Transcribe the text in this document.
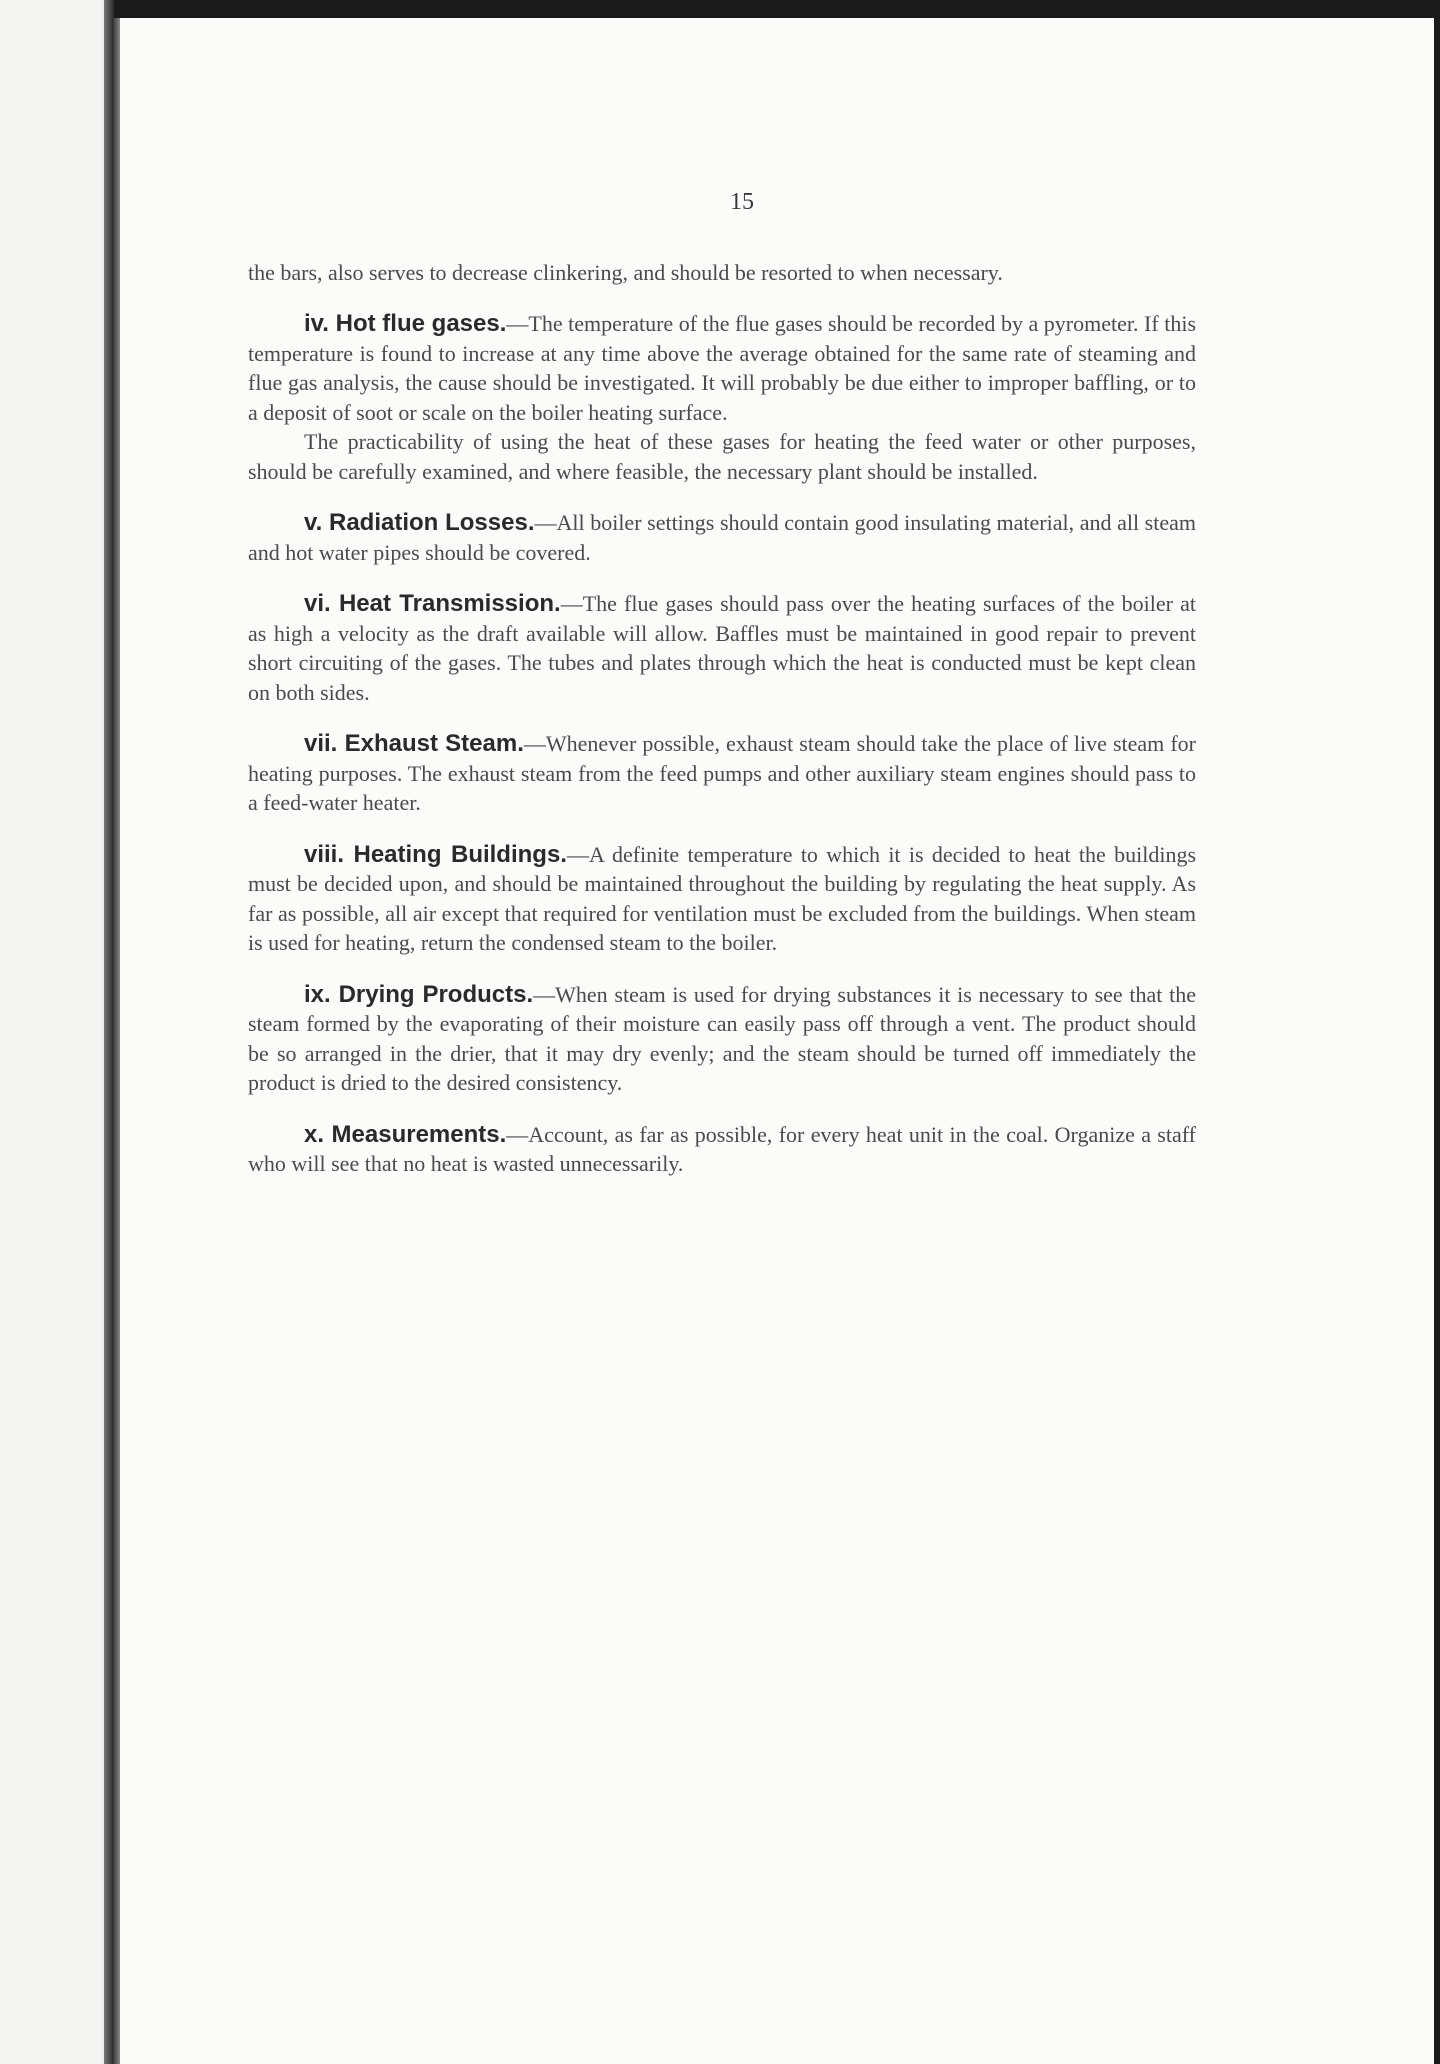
15

the bars, also serves to decrease clinkering, and should be resorted to when necessary.

iv. Hot flue gases.—The temperature of the flue gases should be recorded by a pyrometer. If this temperature is found to increase at any time above the average obtained for the same rate of steaming and flue gas analysis, the cause should be investigated. It will probably be due either to improper baffling, or to a deposit of soot or scale on the boiler heating surface.

The practicability of using the heat of these gases for heating the feed water or other purposes, should be carefully examined, and where feasible, the necessary plant should be installed.

v. Radiation Losses.—All boiler settings should contain good insulating material, and all steam and hot water pipes should be covered.

vi. Heat Transmission.—The flue gases should pass over the heating surfaces of the boiler at as high a velocity as the draft available will allow. Baffles must be maintained in good repair to prevent short circuiting of the gases. The tubes and plates through which the heat is conducted must be kept clean on both sides.

vii. Exhaust Steam.—Whenever possible, exhaust steam should take the place of live steam for heating purposes. The exhaust steam from the feed pumps and other auxiliary steam engines should pass to a feed-water heater.

viii. Heating Buildings.—A definite temperature to which it is decided to heat the buildings must be decided upon, and should be maintained throughout the building by regulating the heat supply. As far as possible, all air except that required for ventilation must be excluded from the buildings. When steam is used for heating, return the condensed steam to the boiler.

ix. Drying Products.—When steam is used for drying substances it is necessary to see that the steam formed by the evaporating of their moisture can easily pass off through a vent. The product should be so arranged in the drier, that it may dry evenly; and the steam should be turned off immediately the product is dried to the desired consistency.

x. Measurements.—Account, as far as possible, for every heat unit in the coal. Organize a staff who will see that no heat is wasted unnecessarily.
